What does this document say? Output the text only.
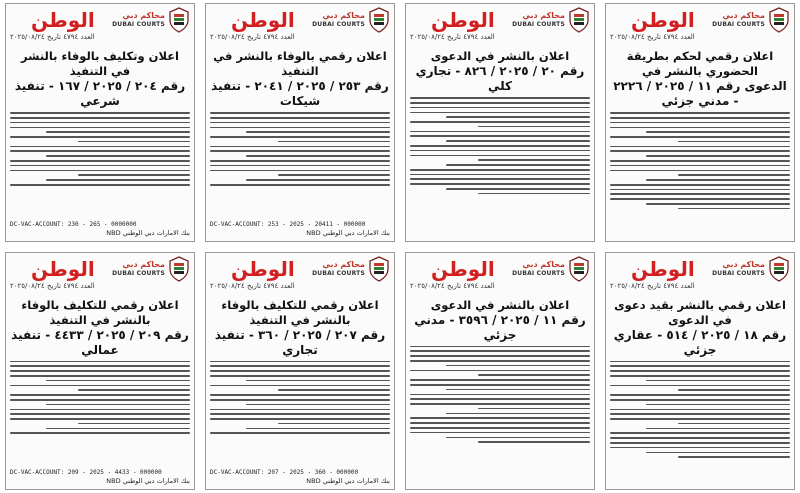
محاكم دبي
DUBAI COURTS
الوطن
العدد ٤٧٩٤ تاريخ ٢٠٢٥/٠٨/٢٤
اعلان رقمي لحكم بطريقة الحضوري بالنشر في
الدعوى رقم ١١ / ٢٠٢٥ / ٢٢٢٦ - مدني جزئي
محاكم دبي
DUBAI COURTS
الوطن
العدد ٤٧٩٤ تاريخ ٢٠٢٥/٠٨/٢٤
اعلان بالنشر في الدعوى
رقم ٢٠ / ٢٠٢٥ / ٨٢٦ - تجاري كلي
محاكم دبي
DUBAI COURTS
الوطن
العدد ٤٧٩٤ تاريخ ٢٠٢٥/٠٨/٢٤
اعلان رقمي بالوفاء بالنشر في التنفيذ
رقم ٢٥٣ / ٢٠٢٥ / ٢٠٤١ - تنفيذ شيكات
DC-VAC-ACCOUNT: 253 - 2025 - 20411 - 000000
بنك الامارات دبي الوطني NBD
محاكم دبي
DUBAI COURTS
الوطن
العدد ٤٧٩٤ تاريخ ٢٠٢٥/٠٨/٢٤
اعلان وتكليف بالوفاء بالنشر في التنفيذ
رقم ٢٠٤ / ٢٠٢٥ / ١٦٧ - تنفيذ شرعي
DC-VAC-ACCOUNT: 230 - 265 - 0000000
بنك الامارات دبي الوطني NBD
محاكم دبي
DUBAI COURTS
الوطن
العدد ٤٧٩٤ تاريخ ٢٠٢٥/٠٨/٢٤
اعلان رقمي بالنشر بقيد دعوى في الدعوى
رقم ١٨ / ٢٠٢٥ / ٥١٤ - عقاري جزئي
محاكم دبي
DUBAI COURTS
الوطن
العدد ٤٧٩٤ تاريخ ٢٠٢٥/٠٨/٢٤
اعلان بالنشر في الدعوى
رقم ١١ / ٢٠٢٥ / ٣٥٩٦ - مدني جزئي
محاكم دبي
DUBAI COURTS
الوطن
العدد ٤٧٩٤ تاريخ ٢٠٢٥/٠٨/٢٤
اعلان رقمي للتكليف بالوفاء بالنشر في التنفيذ
رقم ٢٠٧ / ٢٠٢٥ / ٣٦٠ - تنفيذ تجاري
DC-VAC-ACCOUNT: 207 - 2025 - 360 - 000000
بنك الامارات دبي الوطني NBD
محاكم دبي
DUBAI COURTS
الوطن
العدد ٤٧٩٤ تاريخ ٢٠٢٥/٠٨/٢٤
اعلان رقمي للتكليف بالوفاء بالنشر في التنفيذ
رقم ٢٠٩ / ٢٠٢٥ / ٤٤٣٣ - تنفيذ عمالي
DC-VAC-ACCOUNT: 209 - 2025 - 4433 - 000000
بنك الامارات دبي الوطني NBD
